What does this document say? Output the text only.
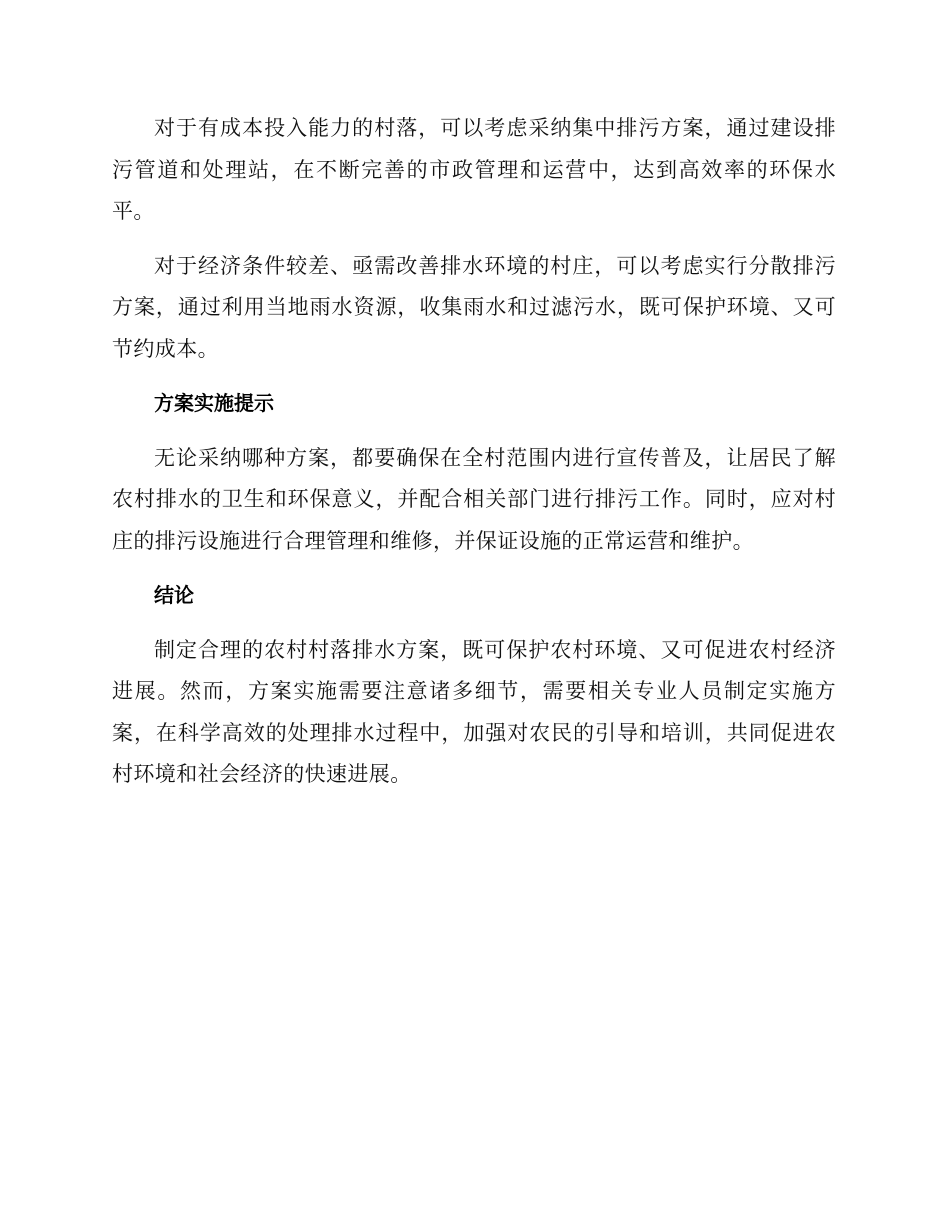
对于有成本投入能力的村落，可以考虑采纳集中排污方案，通过建设排污管道和处理站，在不断完善的市政管理和运营中，达到高效率的环保水平。

对于经济条件较差、亟需改善排水环境的村庄，可以考虑实行分散排污方案，通过利用当地雨水资源，收集雨水和过滤污水，既可保护环境、又可节约成本。

方案实施提示

无论采纳哪种方案，都要确保在全村范围内进行宣传普及，让居民了解农村排水的卫生和环保意义，并配合相关部门进行排污工作。同时，应对村庄的排污设施进行合理管理和维修，并保证设施的正常运营和维护。

结论

制定合理的农村村落排水方案，既可保护农村环境、又可促进农村经济进展。然而，方案实施需要注意诸多细节，需要相关专业人员制定实施方案，在科学高效的处理排水过程中，加强对农民的引导和培训，共同促进农村环境和社会经济的快速进展。
